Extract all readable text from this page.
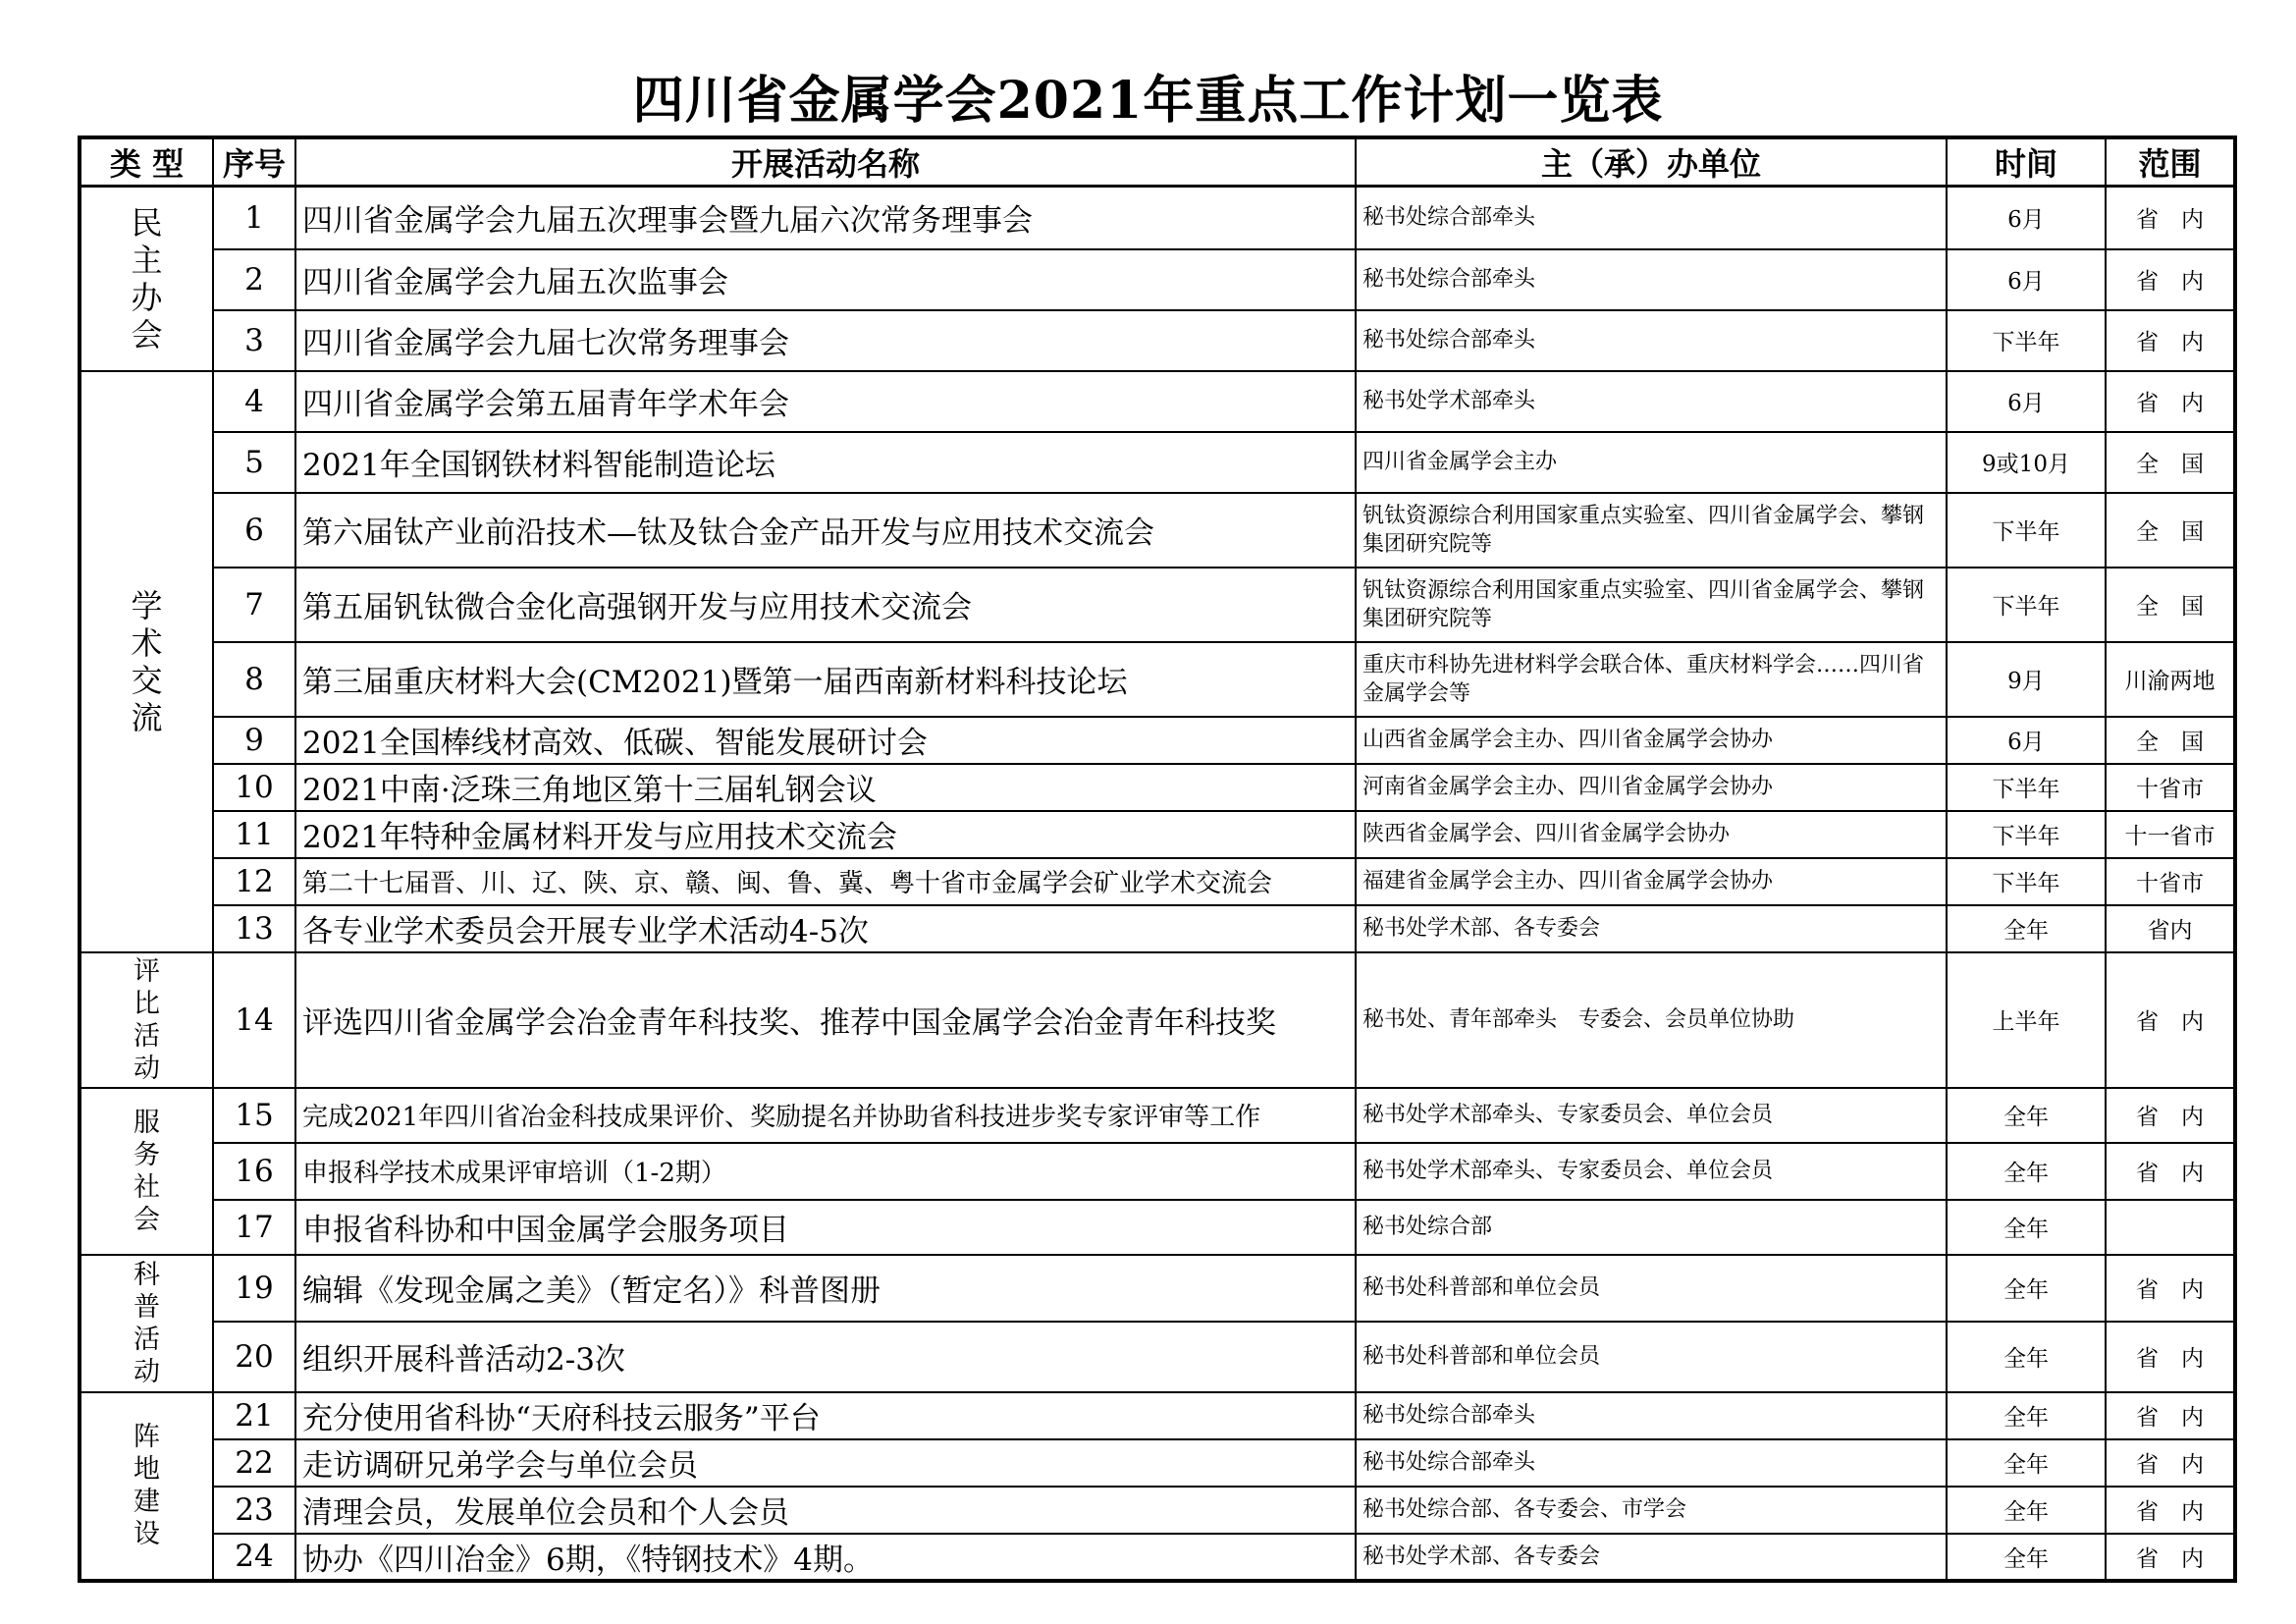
四川省金属学会2021年重点工作计划一览表
类 型	序号	开展活动名称	主（承）办单位	时间	范围

民主办会	1	四川省金属学会九届五次理事会暨九届六次常务理事会	秘书处综合部牵头	6月	省　内
	2	四川省金属学会九届五次监事会	秘书处综合部牵头	6月	省　内
	3	四川省金属学会九届七次常务理事会	秘书处综合部牵头	下半年	省　内

学术交流	4	四川省金属学会第五届青年学术年会	秘书处学术部牵头	6月	省　内
	5	2021年全国钢铁材料智能制造论坛	四川省金属学会主办	9或10月	全　国
	6	第六届钛产业前沿技术—钛及钛合金产品开发与应用技术交流会	钒钛资源综合利用国家重点实验室、四川省金属学会、攀钢集团研究院等	下半年	全　国
	7	第五届钒钛微合金化高强钢开发与应用技术交流会	钒钛资源综合利用国家重点实验室、四川省金属学会、攀钢集团研究院等	下半年	全　国
	8	第三届重庆材料大会(CM2021)暨第一届西南新材料科技论坛	重庆市科协先进材料学会联合体、重庆材料学会……四川省金属学会等	9月	川渝两地
	9	2021全国棒线材高效、低碳、智能发展研讨会	山西省金属学会主办、四川省金属学会协办	6月	全　国
	10	2021中南·泛珠三角地区第十三届轧钢会议	河南省金属学会主办、四川省金属学会协办	下半年	十省市
	11	2021年特种金属材料开发与应用技术交流会	陕西省金属学会、四川省金属学会协办	下半年	十一省市
	12	第二十七届晋、川、辽、陕、京、赣、闽、鲁、冀、粤十省市金属学会矿业学术交流会	福建省金属学会主办、四川省金属学会协办	下半年	十省市
	13	各专业学术委员会开展专业学术活动4-5次	秘书处学术部、各专委会	全年	省内

评比活动	14	评选四川省金属学会冶金青年科技奖、推荐中国金属学会冶金青年科技奖	秘书处、青年部牵头　专委会、会员单位协助	上半年	省　内

服务社会	15	完成2021年四川省冶金科技成果评价、奖励提名并协助省科技进步奖专家评审等工作	秘书处学术部牵头、专家委员会、单位会员	全年	省　内
	16	申报科学技术成果评审培训（1-2期）	秘书处学术部牵头、专家委员会、单位会员	全年	省　内
	17	申报省科协和中国金属学会服务项目	秘书处综合部	全年	

科普活动	19	编辑《发现金属之美》（暂定名）》科普图册	秘书处科普部和单位会员	全年	省　内
	20	组织开展科普活动2-3次	秘书处科普部和单位会员	全年	省　内

阵地建设	21	充分使用省科协“天府科技云服务”平台	秘书处综合部牵头	全年	省　内
	22	走访调研兄弟学会与单位会员	秘书处综合部牵头	全年	省　内
	23	清理会员，发展单位会员和个人会员	秘书处综合部、各专委会、市学会	全年	省　内
	24	协办《四川冶金》6期，《特钢技术》4期。	秘书处学术部、各专委会	全年	省　内
